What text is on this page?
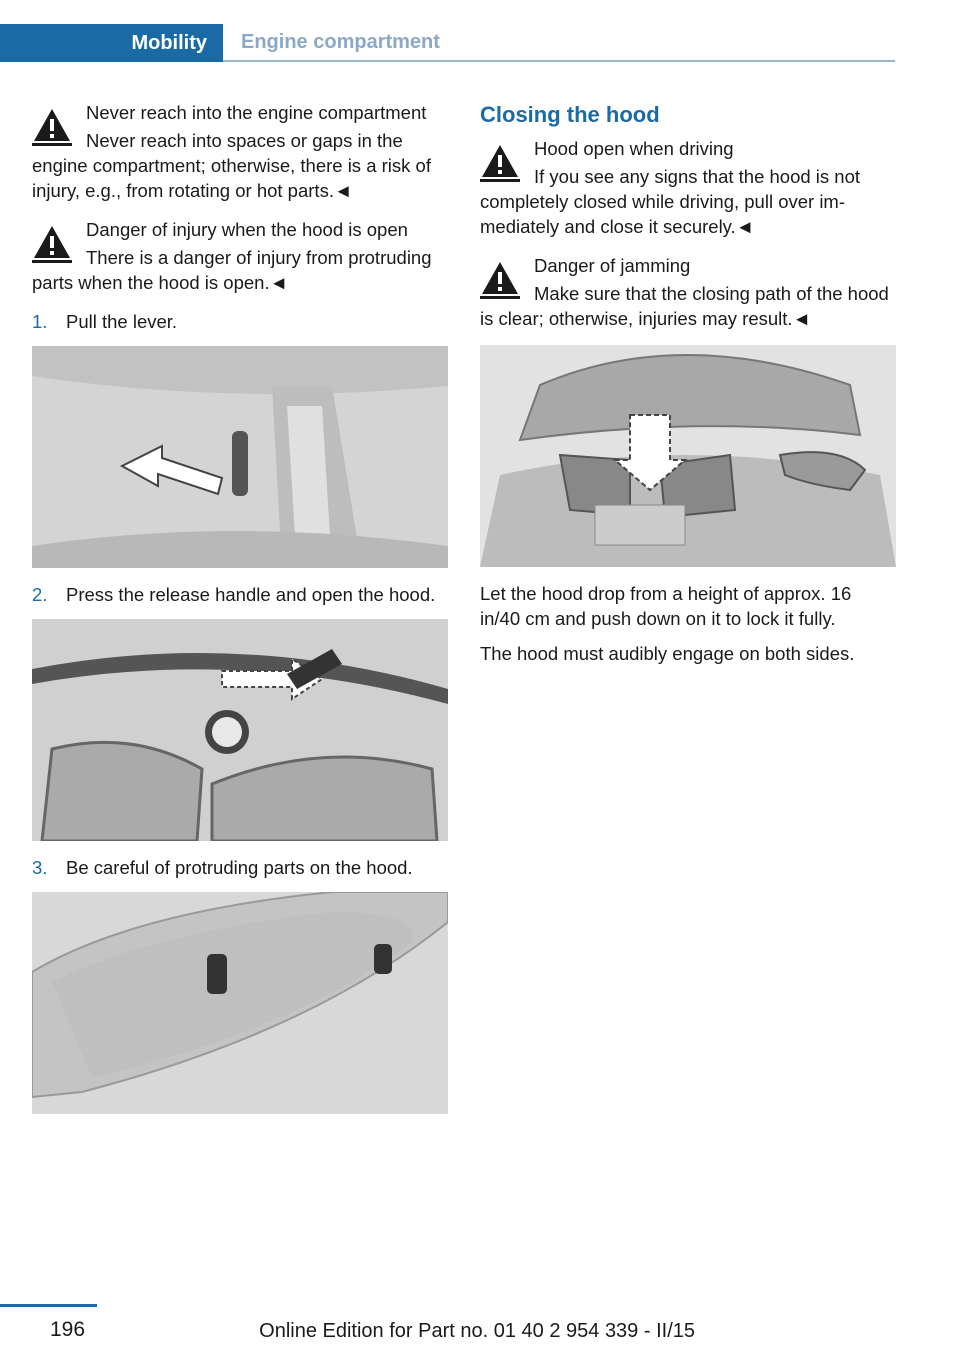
Mobility Engine compartment

Never reach into the engine compartment

Never reach into spaces or gaps in the engine compartment; otherwise, there is a risk of injury, e.g., from rotating or hot parts.◄

Danger of injury when the hood is open

There is a danger of injury from protruding parts when the hood is open.◄

1. Pull the lever.
2. Press the release handle and open the hood.
3. Be careful of protruding parts on the hood.
Closing the hood

Hood open when driving

If you see any signs that the hood is not completely closed while driving, pull over immediately and close it securely.◄

Danger of jamming

Make sure that the closing path of the hood is clear; otherwise, injuries may result.◄

Let the hood drop from a height of approx. 16 in/40 cm and push down on it to lock it fully.

The hood must audibly engage on both sides.

196	Online Edition for Part no. 01 40 2 954 339 - II/15
